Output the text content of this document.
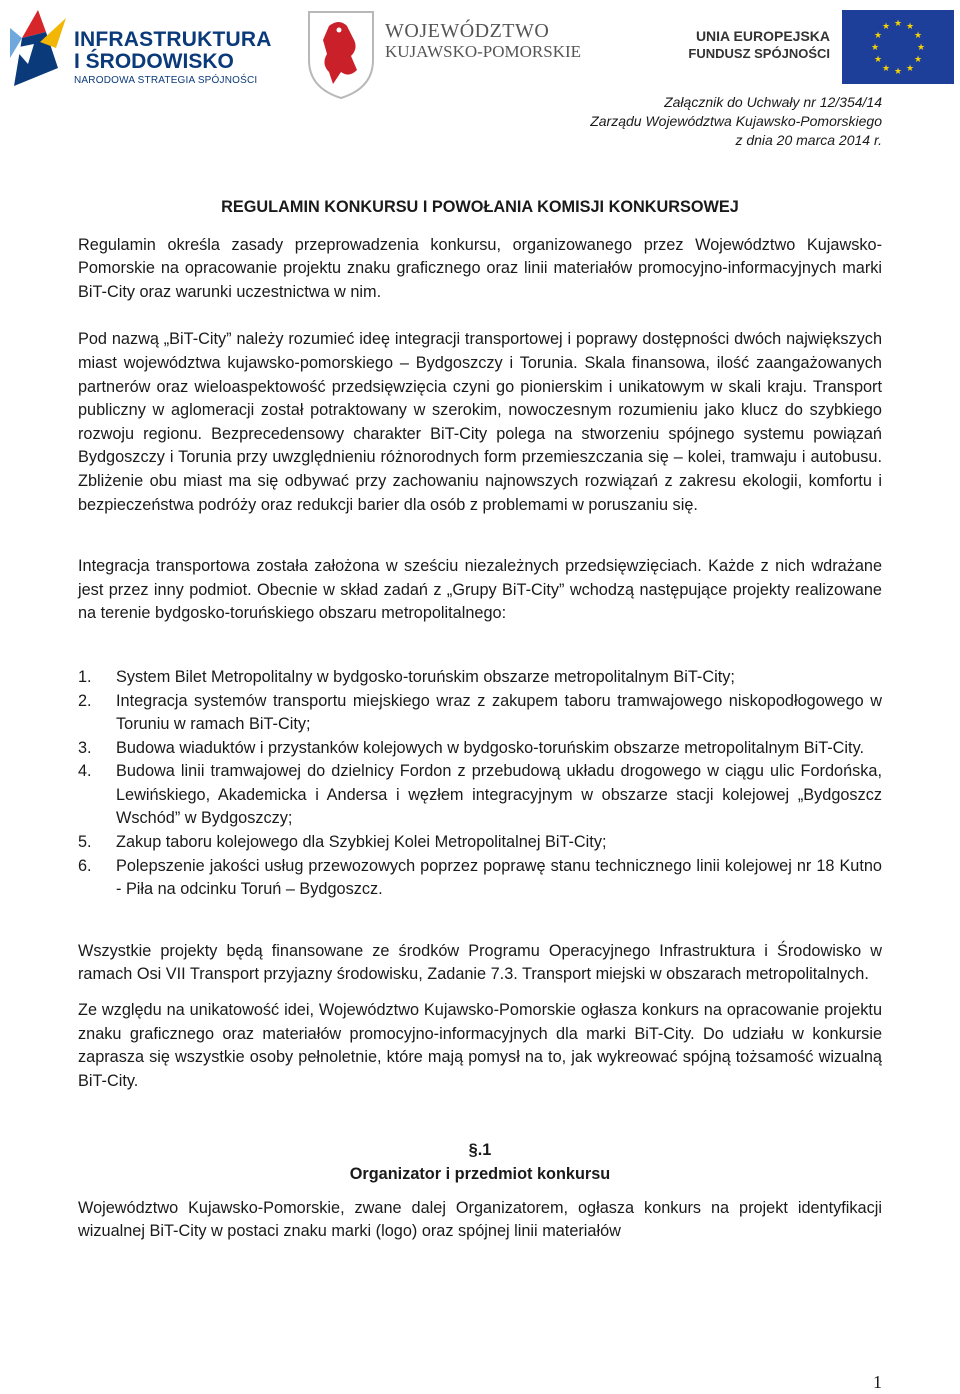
INFRASTRUKTURA
I ŚRODOWISKO
NARODOWA STRATEGIA SPÓJNOŚCI
WOJEWÓDZTWO
KUJAWSKO-POMORSKIE
UNIA EUROPEJSKA
FUNDUSZ SPÓJNOŚCI
★ ★
★
★
★
★
★
★
★
★
★
★
Załącznik do Uchwały nr 12/354/14
Zarządu Województwa Kujawsko-Pomorskiego
z dnia 20 marca 2014 r.
REGULAMIN KONKURSU I POWOŁANIA KOMISJI KONKURSOWEJ

Regulamin określa zasady przeprowadzenia konkursu, organizowanego przez Województwo Kujawsko-Pomorskie na opracowanie projektu znaku graficznego oraz linii materiałów promocyjno-informacyjnych marki BiT-City oraz warunki uczestnictwa w nim.

Pod nazwą „BiT-City” należy rozumieć ideę integracji transportowej i poprawy dostępności dwóch największych miast województwa kujawsko-pomorskiego – Bydgoszczy i Torunia. Skala finansowa, ilość zaangażowanych partnerów oraz wieloaspektowość przedsięwzięcia czyni go pionierskim i unikatowym w skali kraju. Transport publiczny w aglomeracji został potraktowany w szerokim, nowoczesnym rozumieniu jako klucz do szybkiego rozwoju regionu. Bezprecedensowy charakter BiT-City polega na stworzeniu spójnego systemu powiązań Bydgoszczy i Torunia przy uwzględnieniu różnorodnych form przemieszczania się – kolei, tramwaju i autobusu. Zbliżenie obu miast ma się odbywać przy zachowaniu najnowszych rozwiązań z zakresu ekologii, komfortu i bezpieczeństwa podróży oraz redukcji barier dla osób z problemami w poruszaniu się.

Integracja transportowa została założona w sześciu niezależnych przedsięwzięciach. Każde z nich wdrażane jest przez inny podmiot. Obecnie w skład zadań z „Grupy BiT-City” wchodzą następujące projekty realizowane na terenie bydgosko-toruńskiego obszaru metropolitalnego:

1. System Bilet Metropolitalny w bydgosko-toruńskim obszarze metropolitalnym BiT-City;
2. Integracja systemów transportu miejskiego wraz z zakupem taboru tramwajowego niskopodłogowego w Toruniu w ramach BiT-City;
3. Budowa wiaduktów i przystanków kolejowych w bydgosko-toruńskim obszarze metropolitalnym BiT-City.
4. Budowa linii tramwajowej do dzielnicy Fordon z przebudową układu drogowego w ciągu ulic Fordońska, Lewińskiego, Akademicka i Andersa i węzłem integracyjnym w obszarze stacji kolejowej „Bydgoszcz Wschód” w Bydgoszczy;
5. Zakup taboru kolejowego dla Szybkiej Kolei Metropolitalnej BiT-City;
6. Polepszenie jakości usług przewozowych poprzez poprawę stanu technicznego linii kolejowej nr 18 Kutno - Piła na odcinku Toruń – Bydgoszcz.

Wszystkie projekty będą finansowane ze środków Programu Operacyjnego Infrastruktura i Środowisko w ramach Osi VII Transport przyjazny środowisku, Zadanie 7.3. Transport miejski w obszarach metropolitalnych.

Ze względu na unikatowość idei, Województwo Kujawsko-Pomorskie ogłasza konkurs na opracowanie projektu znaku graficznego oraz materiałów promocyjno-informacyjnych dla marki BiT-City. Do udziału w konkursie zaprasza się wszystkie osoby pełnoletnie, które mają pomysł na to, jak wykreować spójną tożsamość wizualną BiT-City.

§.1
Organizator i przedmiot konkursu

Województwo Kujawsko-Pomorskie, zwane dalej Organizatorem, ogłasza konkurs na projekt identyfikacji wizualnej BiT-City w postaci znaku marki (logo) oraz spójnej linii materiałów

1
